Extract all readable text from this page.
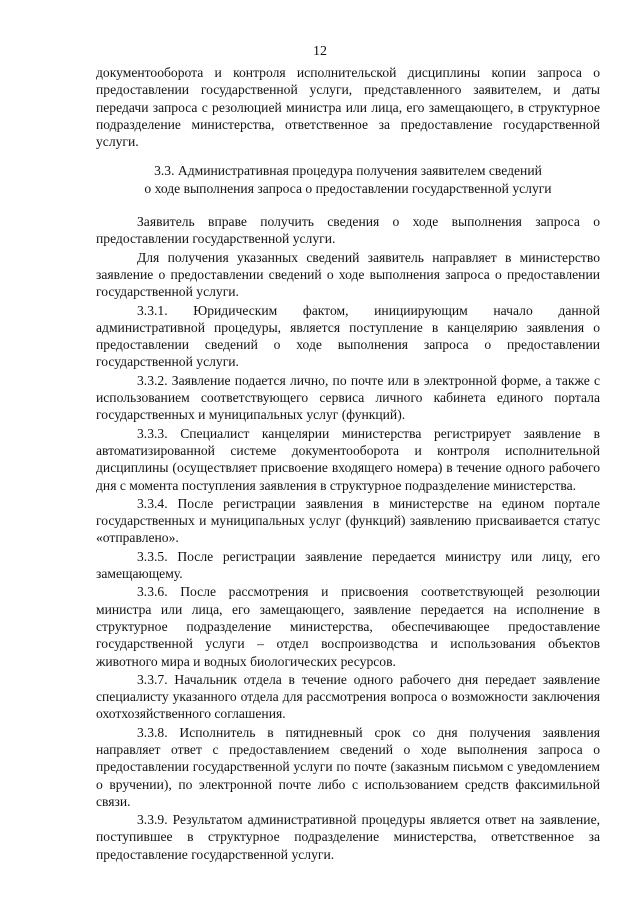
12

документооборота и контроля исполнительской дисциплины копии запроса о предоставлении государственной услуги, представленного заявителем, и даты передачи запроса с резолюцией министра или лица, его замещающего, в структурное подразделение министерства, ответственное за предоставление государственной услуги.

3.3. Административная процедура получения заявителем сведений
о ходе выполнения запроса о предоставлении государственной услуги

Заявитель вправе получить сведения о ходе выполнения запроса о предоставлении государственной услуги.

Для получения указанных сведений заявитель направляет в министерство заявление о предоставлении сведений о ходе выполнения запроса о предоставлении государственной услуги.

3.3.1. Юридическим фактом, инициирующим начало данной административной процедуры, является поступление в канцелярию заявления о предоставлении сведений о ходе выполнения запроса о предоставлении государственной услуги.

3.3.2. Заявление подается лично, по почте или в электронной форме, а также с использованием соответствующего сервиса личного кабинета единого портала государственных и муниципальных услуг (функций).

3.3.3. Специалист канцелярии министерства регистрирует заявление в автоматизированной системе документооборота и контроля исполнительной дисциплины (осуществляет присвоение входящего номера) в течение одного рабочего дня с момента поступления заявления в структурное подразделение министерства.

3.3.4. После регистрации заявления в министерстве на едином портале государственных и муниципальных услуг (функций) заявлению присваивается статус «отправлено».

3.3.5. После регистрации заявление передается министру или лицу, его замещающему.

3.3.6. После рассмотрения и присвоения соответствующей резолюции министра или лица, его замещающего, заявление передается на исполнение в структурное подразделение министерства, обеспечивающее предоставление государственной услуги – отдел воспроизводства и использования объектов животного мира и водных биологических ресурсов.

3.3.7. Начальник отдела в течение одного рабочего дня передает заявление специалисту указанного отдела для рассмотрения вопроса о возможности заключения охотхозяйственного соглашения.

3.3.8. Исполнитель в пятидневный срок со дня получения заявления направляет ответ с предоставлением сведений о ходе выполнения запроса о предоставлении государственной услуги по почте (заказным письмом с уведомлением о вручении), по электронной почте либо с использованием средств факсимильной связи.

3.3.9. Результатом административной процедуры является ответ на заявление, поступившее в структурное подразделение министерства, ответственное за предоставление государственной услуги.
